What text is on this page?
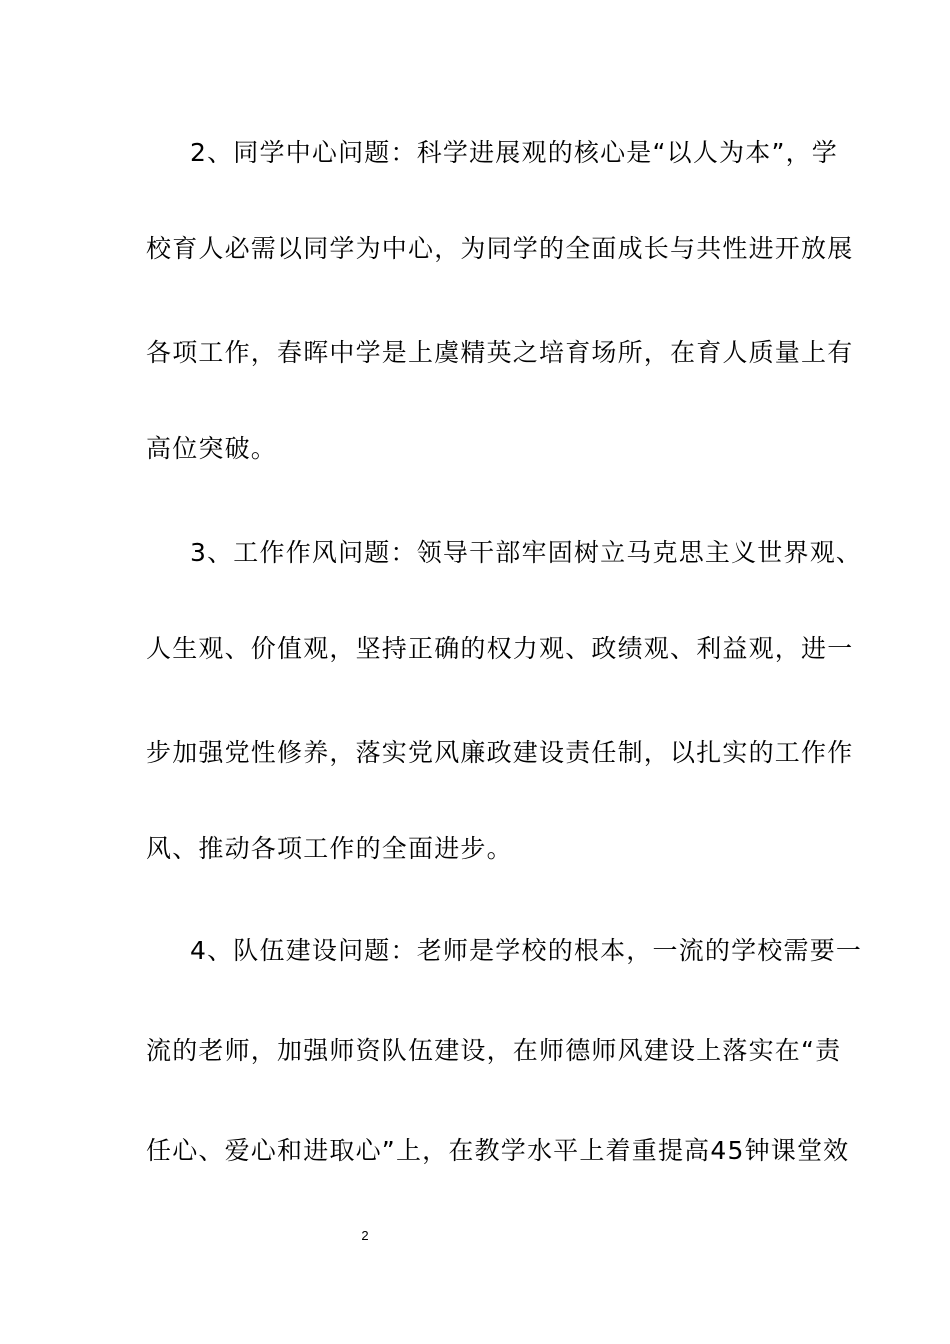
2、同学中心问题：科学进展观的核心是“以人为本”，学
校育人必需以同学为中心，为同学的全面成长与共性进开放展
各项工作，春晖中学是上虞精英之培育场所，在育人质量上有
高位突破。
3、工作作风问题：领导干部牢固树立马克思主义世界观、
人生观、价值观，坚持正确的权力观、政绩观、利益观，进一
步加强党性修养，落实党风廉政建设责任制，以扎实的工作作
风、推动各项工作的全面进步。
4、队伍建设问题：老师是学校的根本，一流的学校需要一
流的老师，加强师资队伍建设，在师德师风建设上落实在“责
任心、爱心和进取心”上，在教学水平上着重提高45钟课堂效
2
